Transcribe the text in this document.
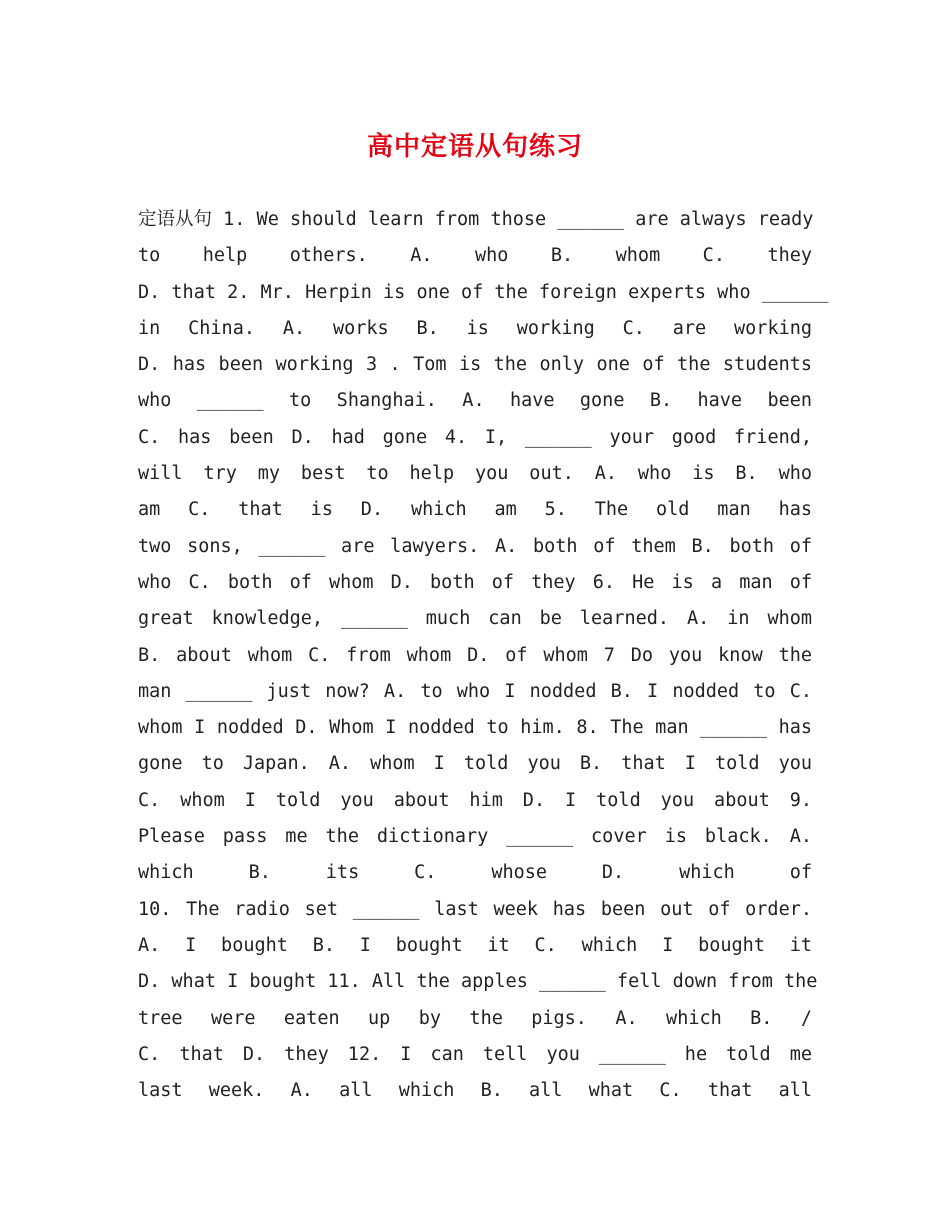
高中定语从句练习
定语从句 1. We should learn from those ______ are always ready
to help others. A. who B. whom C. they
D. that 2. Mr. Herpin is one of the foreign experts who ______
in China. A. works B. is working C. are working
D. has been working 3 . Tom is the only one of the students
who ______ to Shanghai. A. have gone B. have been
C. has been D. had gone 4. I, ______ your good friend,
will try my best to help you out. A. who is B. who
am C. that is D. which am 5. The old man has
two sons, ______ are lawyers. A. both of them B. both of
who C. both of whom D. both of they 6. He is a man of
great knowledge, ______ much can be learned. A. in whom
B. about whom C. from whom D. of whom 7 Do you know the
man ______ just now? A. to who I nodded B. I nodded to C.
whom I nodded D. Whom I nodded to him. 8. The man ______ has
gone to Japan. A. whom I told you B. that I told you
C. whom I told you about him D. I told you about 9.
Please pass me the dictionary ______ cover is black. A.
which B. its C. whose D. which of
10. The radio set ______ last week has been out of order.
A. I bought B. I bought it C. which I bought it
D. what I bought 11. All the apples ______ fell down from the
tree were eaten up by the pigs. A. which B. /
C. that D. they 12. I can tell you ______ he told me
last week. A. all which B. all what C. that all
